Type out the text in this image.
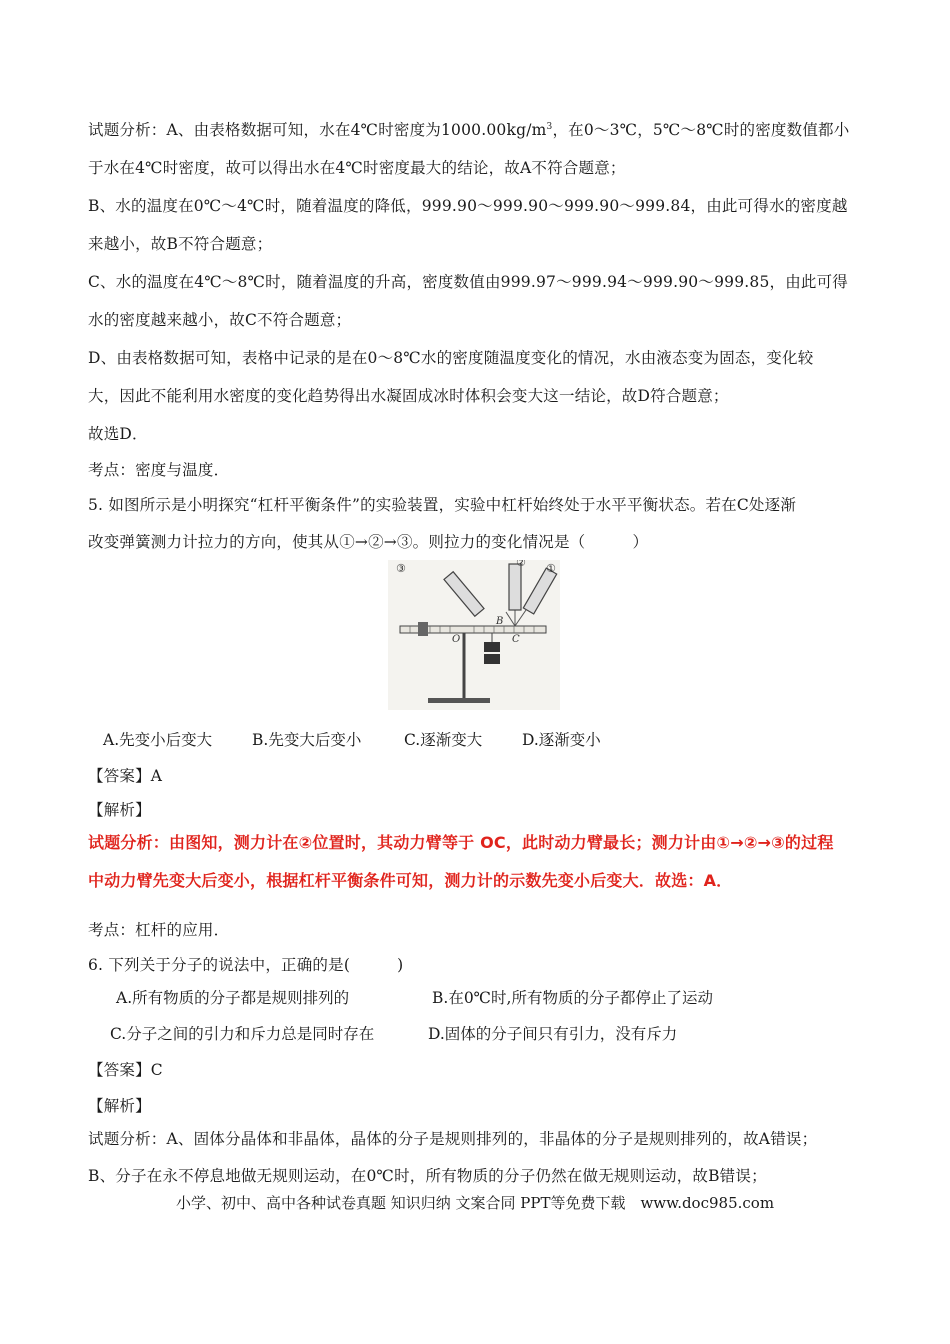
试题分析：A、由表格数据可知，水在4℃时密度为$1000.00kg/m^3$，在0～3℃，5℃～8℃时的密度数值都小
于水在4℃时密度，故可以得出水在4℃时密度最大的结论，故A不符合题意；
B、水的温度在0℃～4℃时，随着温度的降低，999.90～999.90～999.90～999.84，由此可得水的密度越
来越小，故B不符合题意；
C、水的温度在4℃～8℃时，随着温度的升高，密度数值由999.97～999.94～999.90～999.85，由此可得
水的密度越来越小，故C不符合题意；
D、由表格数据可知，表格中记录的是在0～8℃水的密度随温度变化的情况，水由液态变为固态，变化较
大，因此不能利用水密度的变化趋势得出水凝固成冰时体积会变大这一结论，故D符合题意；
故选D．
考点：密度与温度．
5. 如图所示是小明探究“杠杆平衡条件”的实验装置，实验中杠杆始终处于水平平衡状态。若在C处逐渐
改变弹簧测力计拉力的方向，使其从①→②→③。则拉力的变化情况是（　　　）
③	② ①
O
B
C
A.先变小后变大	B.先变大后变小	C.逐渐变大	D.逐渐变小
【答案】A
【解析】
试题分析：由图知，测力计在②位置时，其动力臂等于 OC，此时动力臂最长；测力计由①→②→③的过程
中动力臂先变大后变小，根据杠杆平衡条件可知，测力计的示数先变小后变大．故选：A．
考点：杠杆的应用．
6. 下列关于分子的说法中，正确的是(　　　)
A.所有物质的分子都是规则排列的	B.在0℃时,所有物质的分子都停止了运动
C.分子之间的引力和斥力总是同时存在	D.固体的分子间只有引力，没有斥力
【答案】C
【解析】
试题分析：A、固体分晶体和非晶体，晶体的分子是规则排列的，非晶体的分子是规则排列的，故A错误；
B、分子在永不停息地做无规则运动，在0℃时，所有物质的分子仍然在做无规则运动，故B错误；
小学、初中、高中各种试卷真题 知识归纳 文案合同 PPT等免费下载　www.doc985.com
